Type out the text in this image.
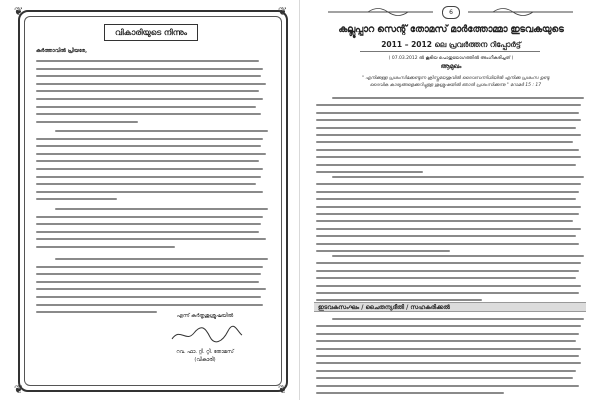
❦	❦
❦	❦
വികാരിയുടെ നിന്നും
കർത്താവിൽ പ്രിയരേ,
എന്ന് കർതൃശുശ്രൂഷയിൽ
റവ. ഫാ. റ്റി. റ്റി. തോമസ്
(വികാരി)
6
കല്ലൂപ്പാറ സെന്റ് തോമസ് മാർത്തോമ്മാ ഇടവകയുടെ
2011 – 2012 ലെ പ്രവർത്തന റിപ്പോർട്ട്
( 07.03.2012 ൽ കൂടിയ പൊതുയോഗത്തിൽ അംഗീകരിച്ചത് )
ആമുഖം
" എനിക്കുള്ള പ്രശംസിക്കേണ്ടുന്ന ക്രിസ്തുയേശുവിൽ ദൈവസന്നിധിയിൽ എനിക്കു പ്രശംസ ഉണ്ടു
ദൈവിക കാര്യങ്ങളെക്കുറിച്ചുള്ള ശുശ്രൂഷയിൽ ഞാൻ പ്രശംസിക്കുന്നു " റോമർ 15 : 17
ഇടവകസംഘം / ചൈതന്യദീതി / സഹകരിക്കൽ
